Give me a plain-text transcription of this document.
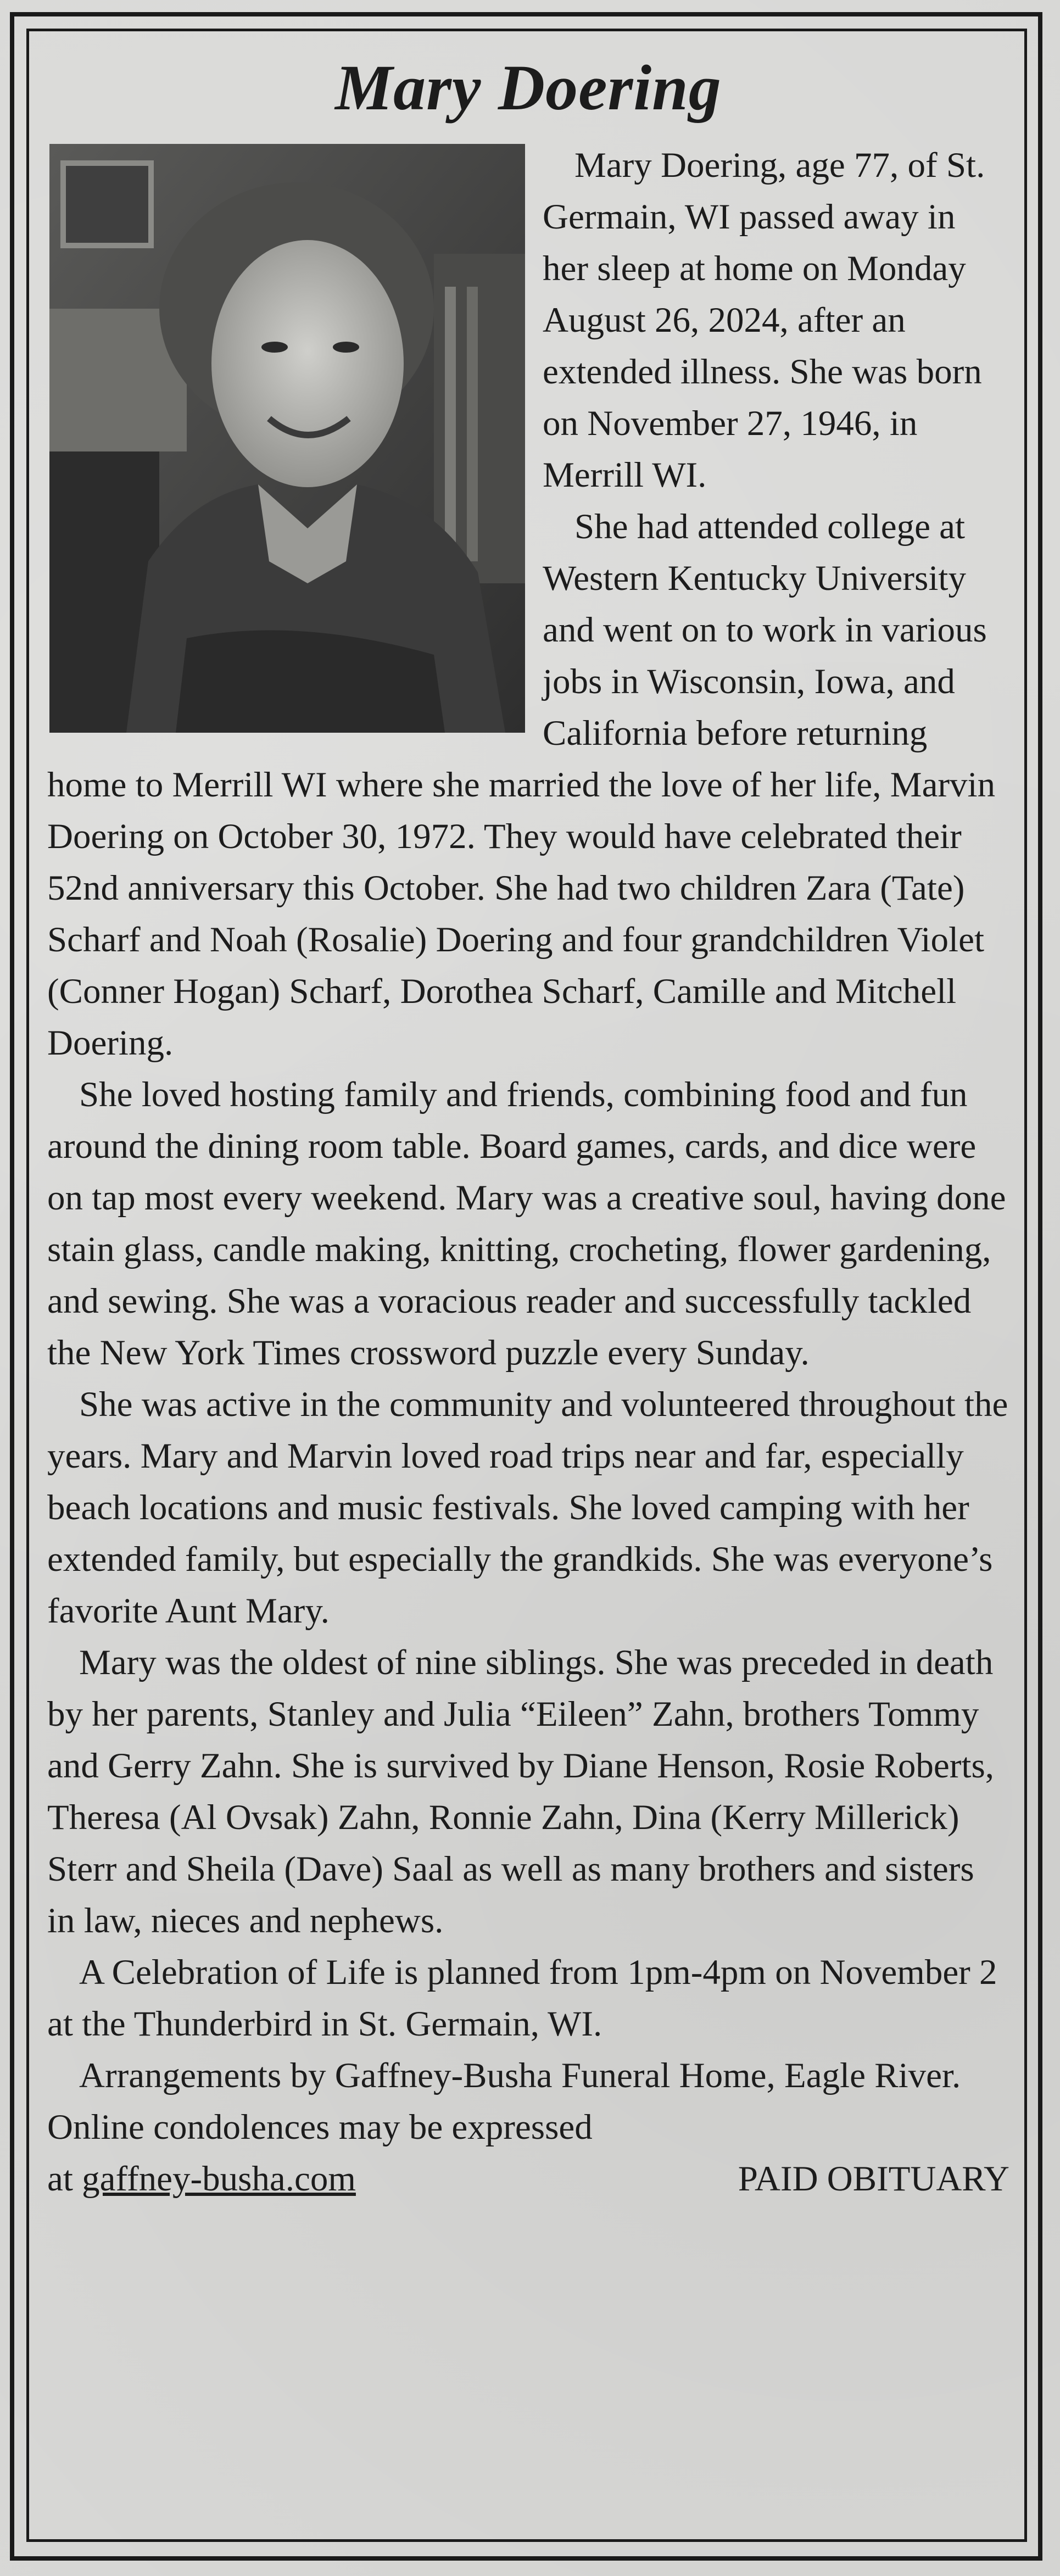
Mary Doering

Mary Doering, age 77, of St. Germain, WI passed away in her sleep at home on Monday August 26, 2024, after an extended illness. She was born on November 27, 1946, in Merrill WI.

She had attended college at Western Kentucky University and went on to work in various jobs in Wisconsin, Iowa, and California before returning home to Merrill WI where she married the love of her life, Marvin Doering on October 30, 1972. They would have celebrated their 52nd anniversary this October. She had two children Zara (Tate) Scharf and Noah (Rosalie) Doering and four grandchildren Violet (Conner Hogan) Scharf, Dorothea Scharf, Camille and Mitchell Doering.

She loved hosting family and friends, combining food and fun around the dining room table. Board games, cards, and dice were on tap most every weekend. Mary was a creative soul, having done stain glass, candle making, knitting, crocheting, flower gardening, and sewing. She was a voracious reader and successfully tackled the New York Times crossword puzzle every Sunday.

She was active in the community and volunteered throughout the years. Mary and Marvin loved road trips near and far, especially beach locations and music festivals. She loved camping with her extended family, but especially the grandkids. She was everyone’s favorite Aunt Mary.

Mary was the oldest of nine siblings. She was preceded in death by her parents, Stanley and Julia “Eileen” Zahn, brothers Tommy and Gerry Zahn. She is survived by Diane Henson, Rosie Roberts, Theresa (Al Ovsak) Zahn, Ronnie Zahn, Dina (Kerry Millerick) Sterr and Sheila (Dave) Saal as well as many brothers and sisters in law, nieces and nephews.

A Celebration of Life is planned from 1pm-4pm on November 2 at the Thunderbird in St. Germain, WI.

Arrangements by Gaffney-Busha Funeral Home, Eagle River. Online condolences may be expressed

at gaffney-busha.com	PAID OBITUARY
